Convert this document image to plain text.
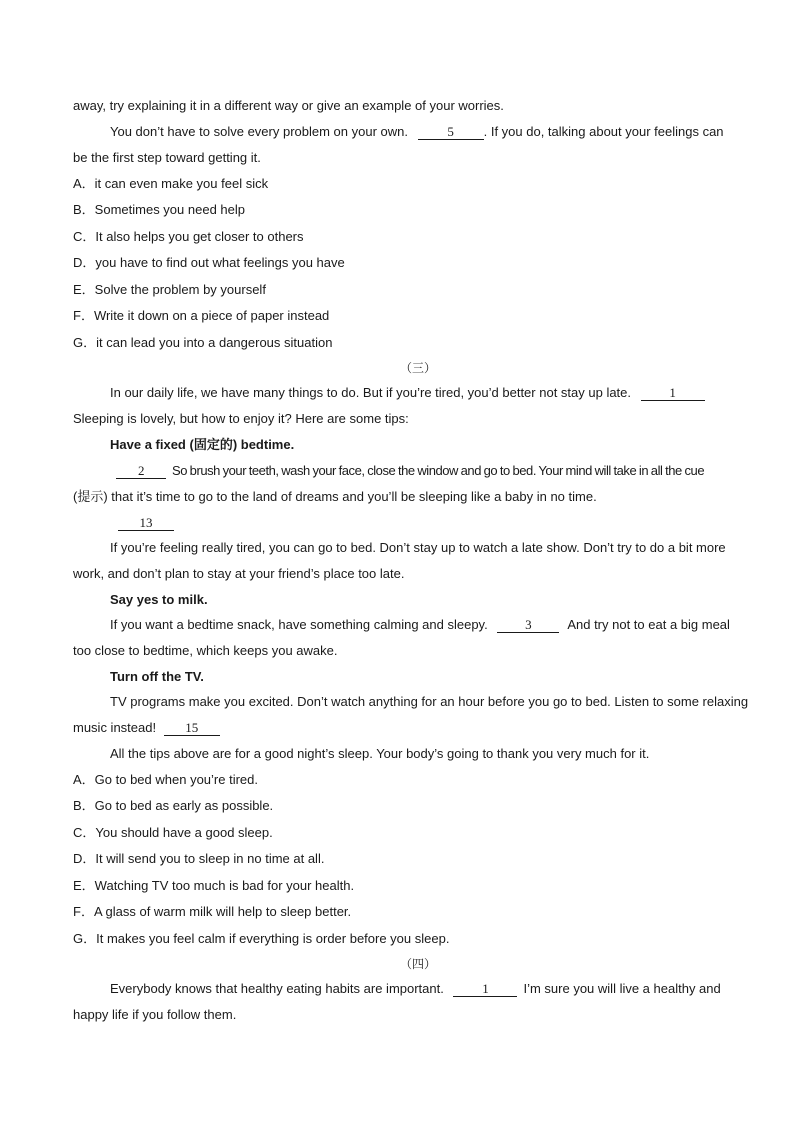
away, try explaining it in a different way or give an example of your worries.
You don’t have to solve every problem on your own.	5 . If you do, talking about your feelings can
be the first step toward getting it.
A．it can even make you feel sick
B．Sometimes you need help
C．It also helps you get closer to others
D．you have to find out what feelings you have
E．Solve the problem by yourself
F．Write it down on a piece of paper instead
G．it can lead you into a dangerous situation
（三）
In our daily life, we have many things to do. But if you’re tired, you’d better not stay up late.	1
Sleeping is lovely, but how to enjoy it? Here are some tips:
Have a fixed (固定的) bedtime.
2 So brush your teeth, wash your face, close the window and go to bed. Your mind will take in all the cue
(提示) that it’s time to go to the land of dreams and you’ll be sleeping like a baby in no time.
13
If you’re feeling really tired, you can go to bed. Don’t stay up to watch a late show. Don’t try to do a bit more
work, and don’t plan to stay at your friend’s place too late.
Say yes to milk.
If you want a bedtime snack, have something calming and sleepy.	3	And try not to eat a big meal
too close to bedtime, which keeps you awake.
Turn off the TV.
TV programs make you excited. Don’t watch anything for an hour before you go to bed. Listen to some relaxing
music instead! 15
All the tips above are for a good night’s sleep. Your body’s going to thank you very much for it.
A．Go to bed when you’re tired.
B．Go to bed as early as possible.
C．You should have a good sleep.
D．It will send you to sleep in no time at all.
E．Watching TV too much is bad for your health.
F．A glass of warm milk will help to sleep better.
G．It makes you feel calm if everything is order before you sleep.
（四）
Everybody knows that healthy eating habits are important.	1	I’m sure you will live a healthy and
happy life if you follow them.
